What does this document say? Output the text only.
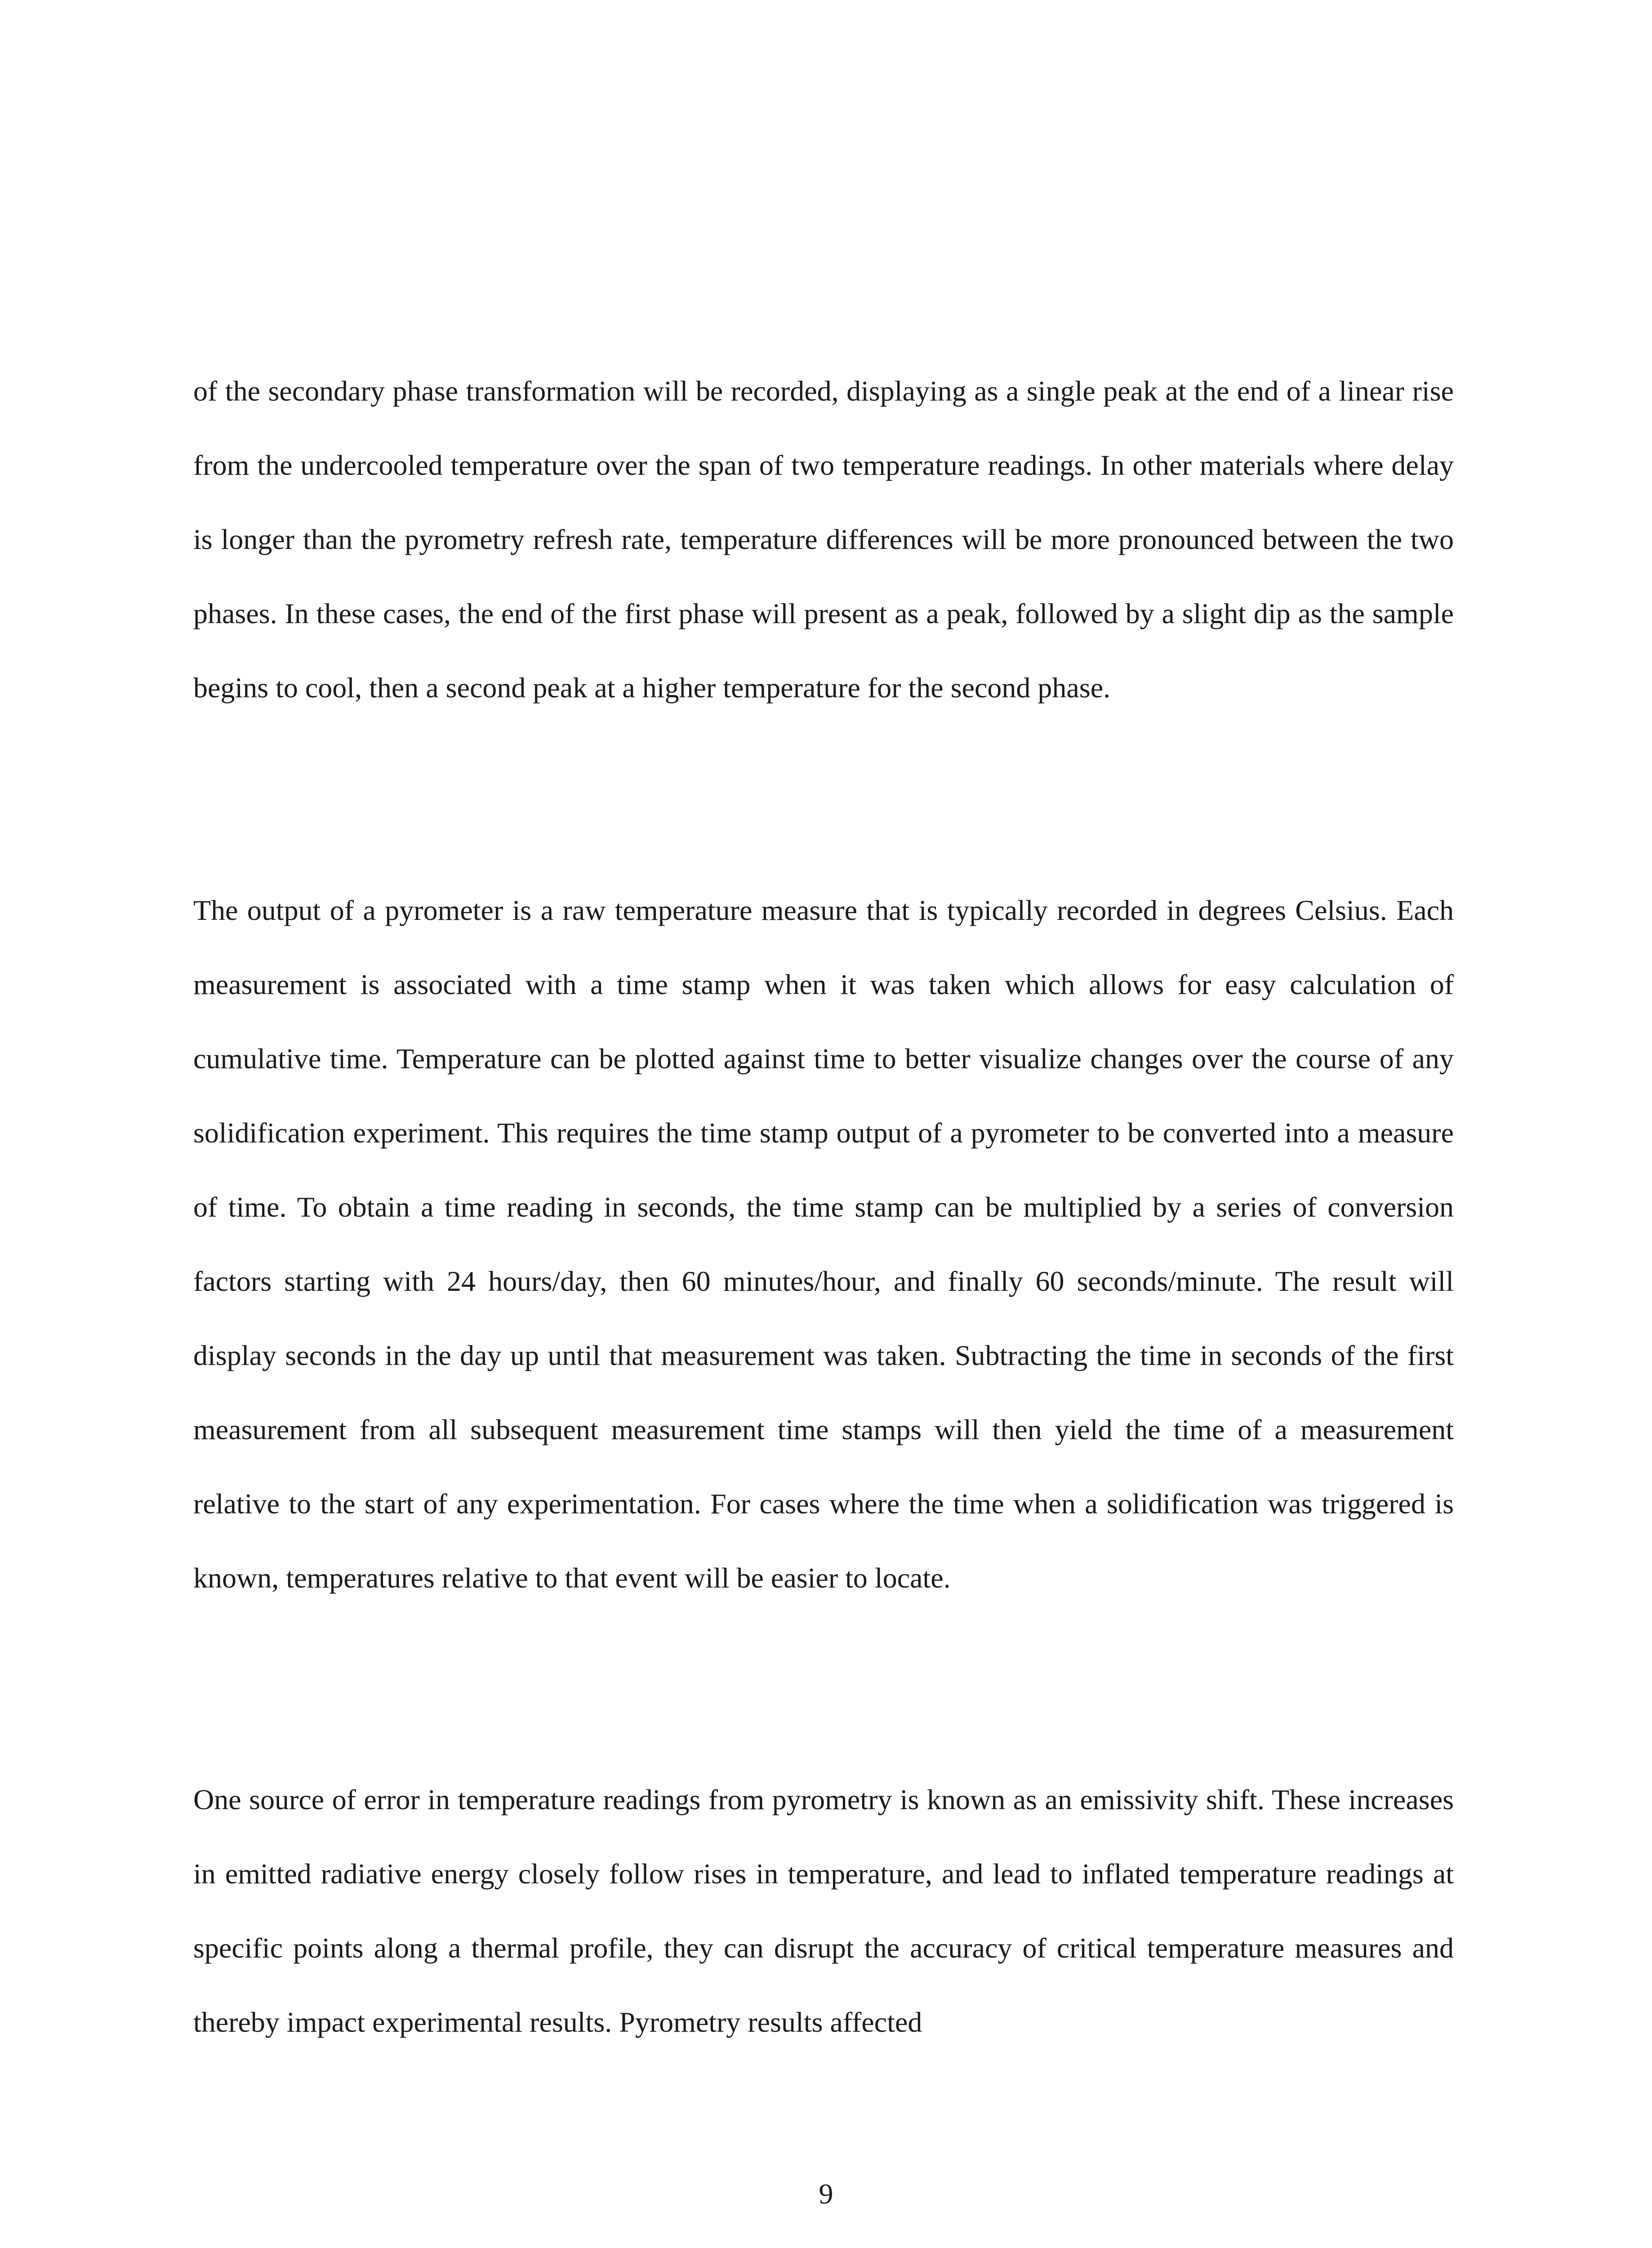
of the secondary phase transformation will be recorded, displaying as a single peak at the end of a linear rise from the undercooled temperature over the span of two temperature readings. In other materials where delay is longer than the pyrometry refresh rate, temperature differences will be more pronounced between the two phases. In these cases, the end of the first phase will present as a peak, followed by a slight dip as the sample begins to cool, then a second peak at a higher temperature for the second phase.

The output of a pyrometer is a raw temperature measure that is typically recorded in degrees Celsius. Each measurement is associated with a time stamp when it was taken which allows for easy calculation of cumulative time. Temperature can be plotted against time to better visualize changes over the course of any solidification experiment. This requires the time stamp output of a pyrometer to be converted into a measure of time. To obtain a time reading in seconds, the time stamp can be multiplied by a series of conversion factors starting with 24 hours/day, then 60 minutes/hour, and finally 60 seconds/minute. The result will display seconds in the day up until that measurement was taken. Subtracting the time in seconds of the first measurement from all subsequent measurement time stamps will then yield the time of a measurement relative to the start of any experimentation. For cases where the time when a solidification was triggered is known, temperatures relative to that event will be easier to locate.

One source of error in temperature readings from pyrometry is known as an emissivity shift. These increases in emitted radiative energy closely follow rises in temperature, and lead to inflated temperature readings at specific points along a thermal profile, they can disrupt the accuracy of critical temperature measures and thereby impact experimental results. Pyrometry results affected

9
